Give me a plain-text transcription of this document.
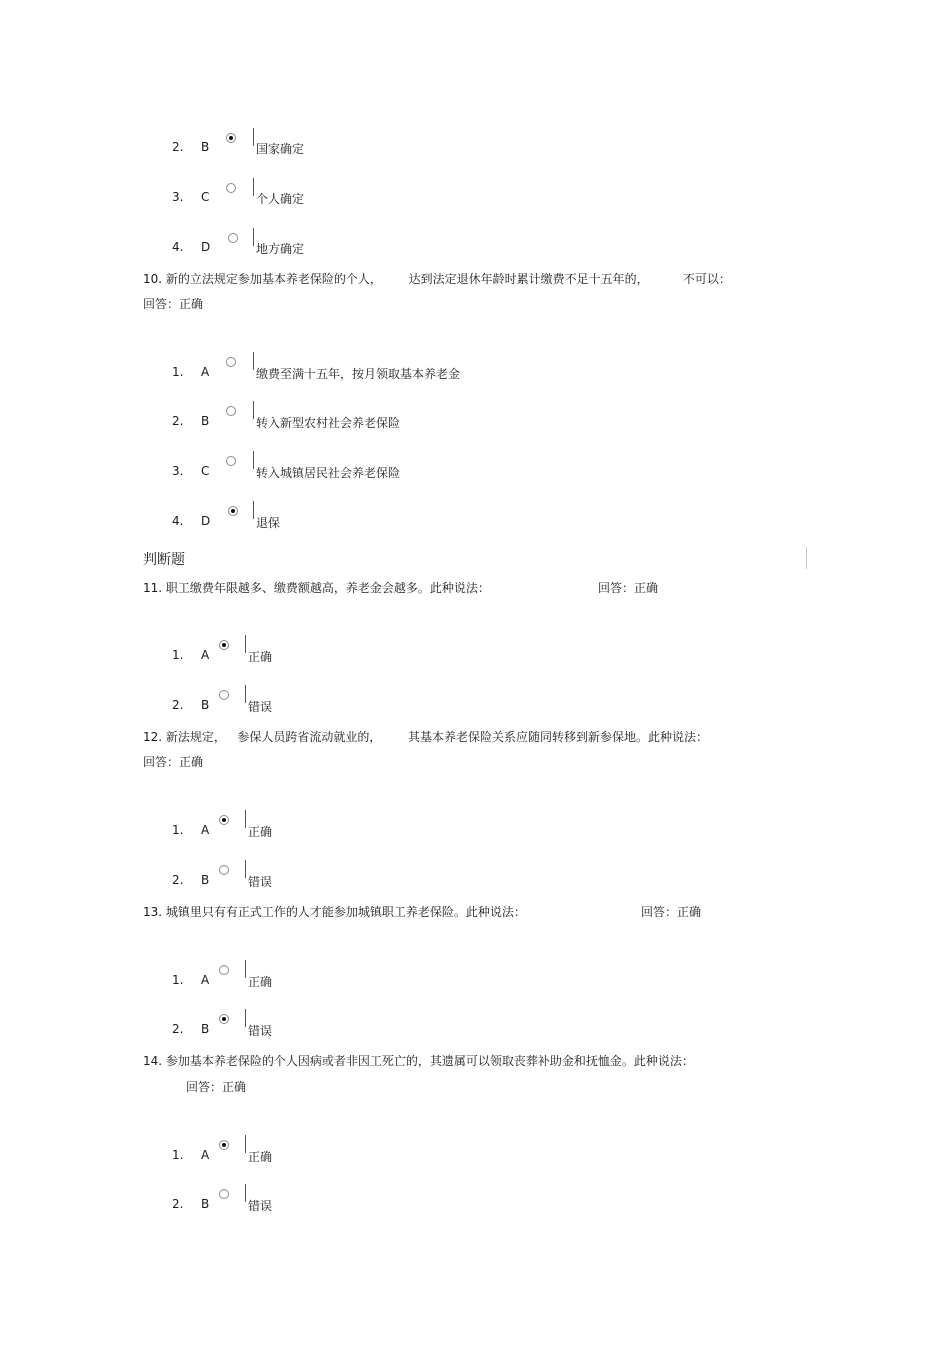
2. B	国家确定
3. C	个人确定
4. D	地方确定
10. 新的立法规定参加基本养老保险的个人，       达到法定退休年龄时累计缴费不足十五年的，         不可以：
回答：正确
1. A	缴费至满十五年，按月领取基本养老金
2. B	转入新型农村社会养老保险
3. C	转入城镇居民社会养老保险
4. D	退保
判断题
11. 职工缴费年限越多、缴费额越高，养老金会越多。此种说法：	回答：正确
1. A	正确
2. B	错误
12. 新法规定，   参保人员跨省流动就业的，       其基本养老保险关系应随同转移到新参保地。此种说法：
回答：正确
1. A	正确
2. B	错误
13. 城镇里只有有正式工作的人才能参加城镇职工养老保险。此种说法：	回答：正确
1. A	正确
2. B	错误
14. 参加基本养老保险的个人因病或者非因工死亡的，其遗属可以领取丧葬补助金和抚恤金。此种说法：
回答：正确
1. A	正确
2. B	错误
